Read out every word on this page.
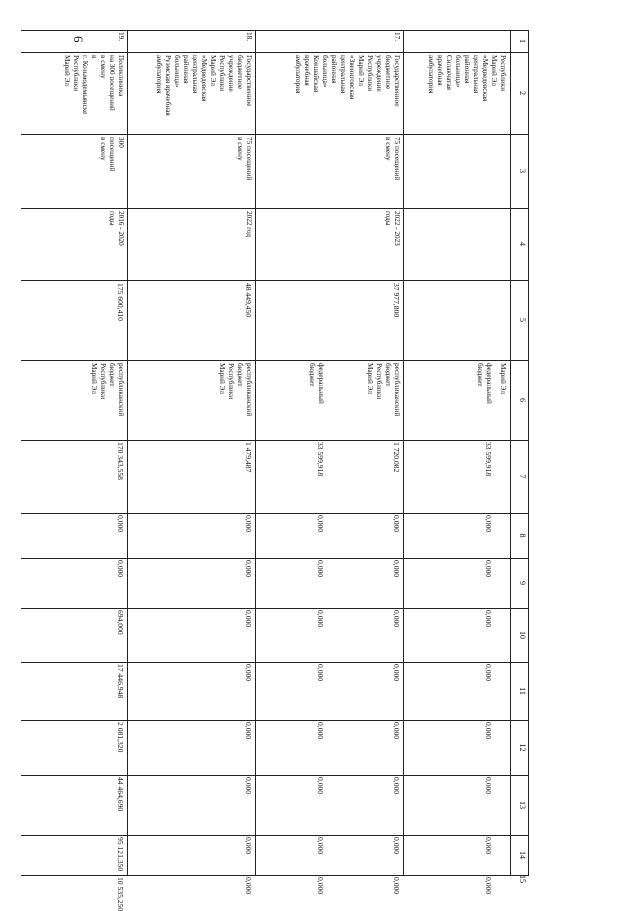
6	1
2
3
4
5
6
7
8
9
10
11
12
13
14
15
Республики
Марий Эл
«Медведевская
центральная
районная
больница»
Силакчатая
врачебная
амбулатория
Марий Эл
федеральный
бюджет
33 599,918
0,000
0,000
0,000
0,000
0,000
0,000
0,000
0,000
17.
Государственное
бюджетное
учреждение
Республики
Марий Эл
«Звениговская
центральная
районная
больница»
Кокшайская
врачебная
амбулатория
75 посещений
в смену
2022 - 2023
годы
37 977,800
республиканский
бюджет
Республики
Марий Эл
1 720,082
0,000
0,000
0,000
0,000
0,000
0,000
0,000
0,000
федеральный
бюджет
33 599,918
0,000
0,000
0,000
0,000
0,000
0,000
0,000
0,000
18.
Государственное
бюджетное
учреждение
Республики
Марий Эл
«Медведевская
центральная
районная
больница»
Руэмская врачебная
амбулатория
75 посещений
в смену
2022 год
48 449,450
республиканский
бюджет
Республики
Марий Эл
1 479,487
0,000
0,000
0,000
0,000
0,000
0,000
0,000
0,000
19.
Поликлиника
на 300 посещений
в смену
в
г. Козьмодемьянске
Республики
Марий Эл
300
посещений
в смену
2016 - 2020
годы
175 600,410
республиканский
бюджет
Республики
Марий Эл
170 343,558
0,000
0,000
694,000
17 446,948
2 081,320
44 464,690
95 121,350
10 535,250
